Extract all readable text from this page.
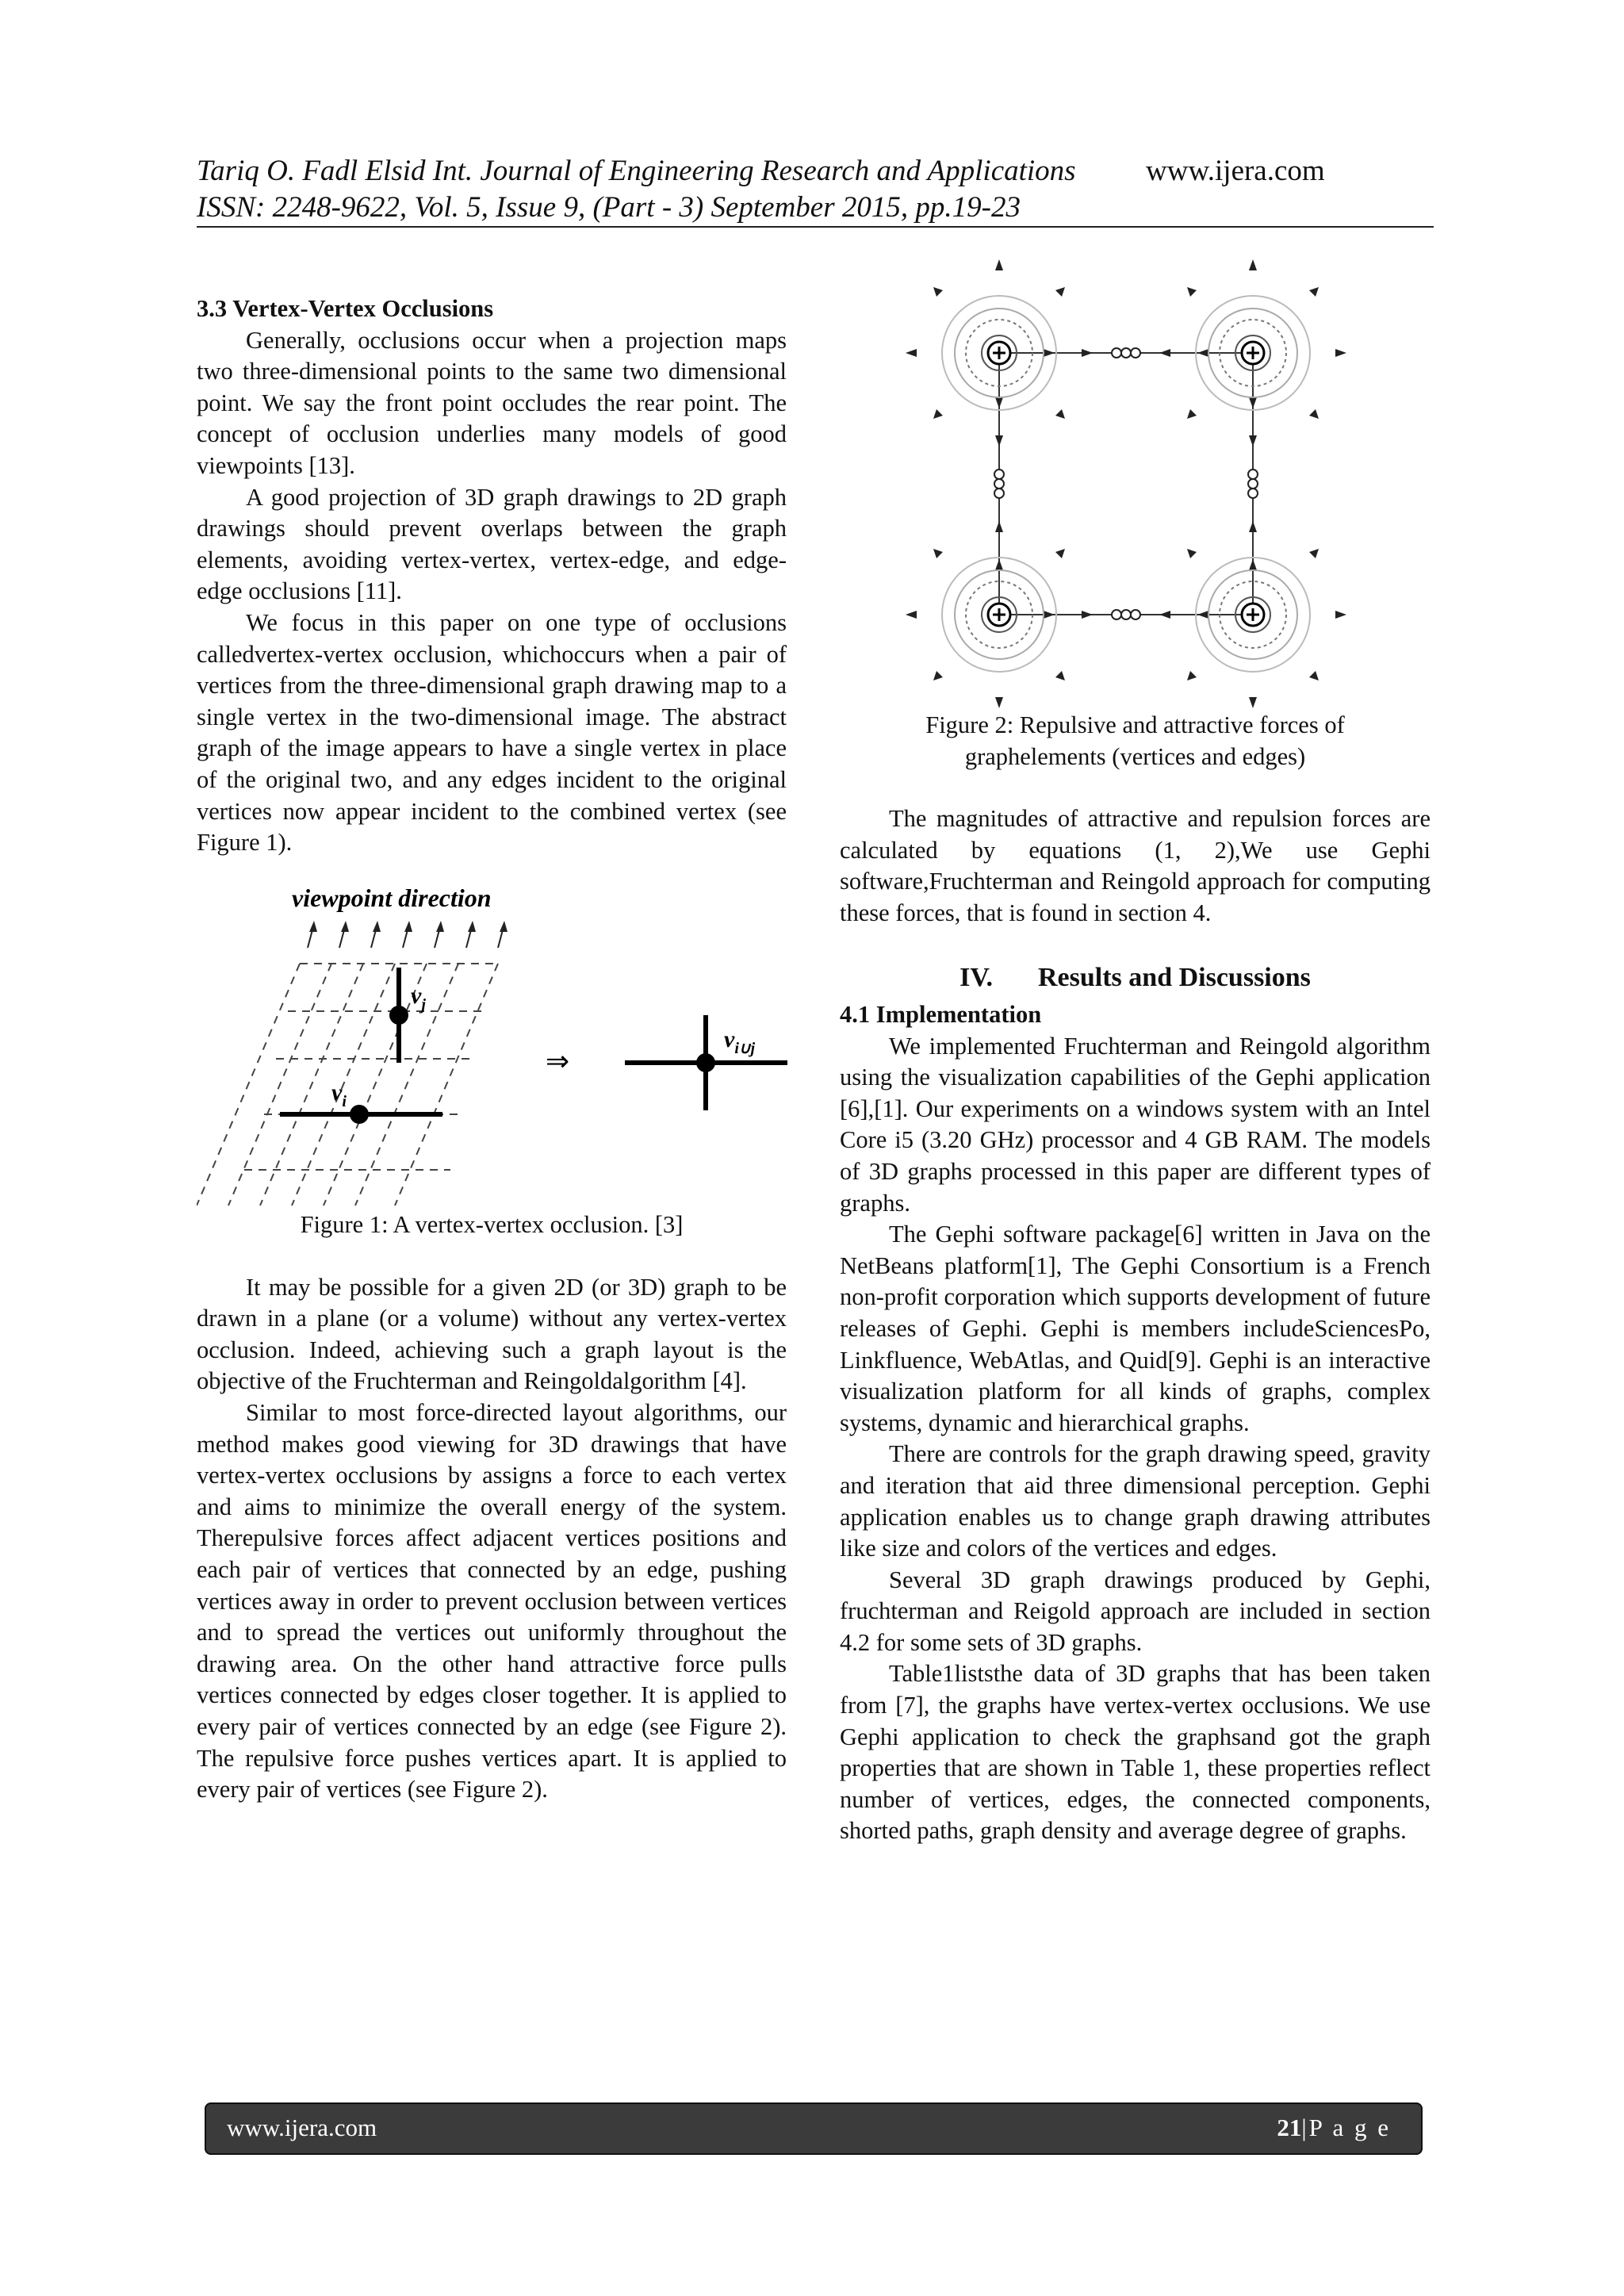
Tariq O. Fadl Elsid Int. Journal of Engineering Research and Applications www.ijera.com
ISSN: 2248-9622, Vol. 5, Issue 9, (Part - 3) September 2015, pp.19-23
3.3 Vertex-Vertex Occlusions

Generally, occlusions occur when a projection maps two three-dimensional points to the same two dimensional point. We say the front point occludes the rear point. The concept of occlusion underlies many models of good viewpoints [13].

A good projection of 3D graph drawings to 2D graph drawings should prevent overlaps between the graph elements, avoiding vertex-vertex, vertex-edge, and edge-edge occlusions [11].

We focus in this paper on one type of occlusions calledvertex-vertex occlusion, whichoccurs when a pair of vertices from the three-dimensional graph drawing map to a single vertex in the two-dimensional image. The abstract graph of the image appears to have a single vertex in place of the original two, and any edges incident to the original vertices now appear incident to the combined vertex (see Figure 1).

viewpoint direction
$v_j$
$v_i$
⇒
$v_{i\cup j}$

Figure 1: A vertex-vertex occlusion. [3]

It may be possible for a given 2D (or 3D) graph to be drawn in a plane (or a volume) without any vertex-vertex occlusion. Indeed, achieving such a graph layout is the objective of the Fruchterman and Reingoldalgorithm [4].

Similar to most force-directed layout algorithms, our method makes good viewing for 3D drawings that have vertex-vertex occlusions by assigns a force to each vertex and aims to minimize the overall energy of the system. Therepulsive forces affect adjacent vertices positions and each pair of vertices that connected by an edge, pushing vertices away in order to prevent occlusion between vertices and to spread the vertices out uniformly throughout the drawing area. On the other hand attractive force pulls vertices connected by edges closer together. It is applied to every pair of vertices connected by an edge (see Figure 2). The repulsive force pushes vertices apart. It is applied to every pair of vertices (see Figure 2).

Figure 2: Repulsive and attractive forces of

graphelements (vertices and edges)

The magnitudes of attractive and repulsion forces are calculated by equations (1, 2),We use Gephi software,Fruchterman and Reingold approach for computing these forces, that is found in section 4.

IV. Results and Discussions
4.1 Implementation

We implemented Fruchterman and Reingold algorithm using the visualization capabilities of the Gephi application [6],[1]. Our experiments on a windows system with an Intel Core i5 (3.20 GHz) processor and 4 GB RAM. The models of 3D graphs processed in this paper are different types of graphs.

The Gephi software package[6] written in Java on the NetBeans platform[1], The Gephi Consortium is a French non-profit corporation which supports development of future releases of Gephi. Gephi is members includeSciencesPo, Linkfluence, WebAtlas, and Quid[9]. Gephi is an interactive visualization platform for all kinds of graphs, complex systems, dynamic and hierarchical graphs.

There are controls for the graph drawing speed, gravity and iteration that aid three dimensional perception. Gephi application enables us to change graph drawing attributes like size and colors of the vertices and edges.

Several 3D graph drawings produced by Gephi, fruchterman and Reigold approach are included in section 4.2 for some sets of 3D graphs.

Table1liststhe data of 3D graphs that has been taken from [7], the graphs have vertex-vertex occlusions. We use Gephi application to check the graphsand got the graph properties that are shown in Table 1, these properties reflect number of vertices, edges, the connected components, shorted paths, graph density and average degree of graphs.

www.ijera.com	21|P a g e
